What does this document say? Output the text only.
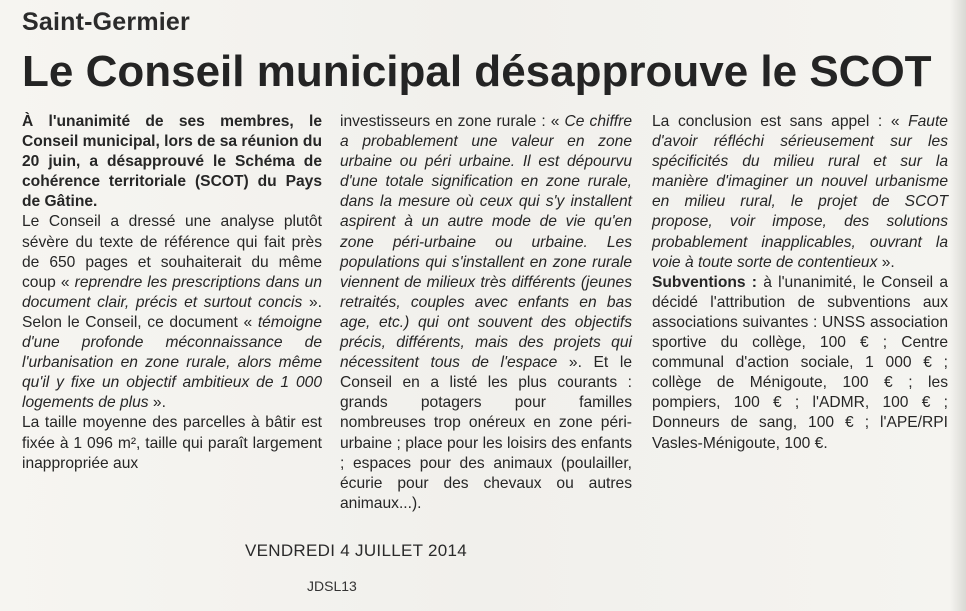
Saint-Germier
Le Conseil municipal désapprouve le SCOT

À l'unanimité de ses membres, le Conseil municipal, lors de sa réunion du 20 juin, a désapprouvé le Schéma de cohérence territoriale (SCOT) du Pays de Gâtine.

Le Conseil a dressé une analyse plutôt sévère du texte de référence qui fait près de 650 pages et souhaiterait du même coup « reprendre les prescriptions dans un document clair, précis et surtout concis ». Selon le Conseil, ce document « témoigne d'une profonde méconnaissance de l'urbanisation en zone rurale, alors même qu'il y fixe un objectif ambitieux de 1 000 logements de plus ».

La taille moyenne des parcelles à bâtir est fixée à 1 096 m², taille qui paraît largement inappropriée aux

investisseurs en zone rurale : « Ce chiffre a probablement une valeur en zone urbaine ou péri urbaine. Il est dépourvu d'une totale signification en zone rurale, dans la mesure où ceux qui s'y installent aspirent à un autre mode de vie qu'en zone péri-urbaine ou urbaine. Les populations qui s'installent en zone rurale viennent de milieux très différents (jeunes retraités, couples avec enfants en bas age, etc.) qui ont souvent des objectifs précis, différents, mais des projets qui nécessitent tous de l'espace ». Et le Conseil en a listé les plus courants : grands potagers pour familles nombreuses trop onéreux en zone péri-urbaine ; place pour les loisirs des enfants ; espaces pour des animaux (poulailler, écurie pour des chevaux ou autres animaux...).

La conclusion est sans appel : « Faute d'avoir réfléchi sérieusement sur les spécificités du milieu rural et sur la manière d'imaginer un nouvel urbanisme en milieu rural, le projet de SCOT propose, voir impose, des solutions probablement inapplicables, ouvrant la voie à toute sorte de contentieux ».

Subventions : à l'unanimité, le Conseil a décidé l'attribution de subventions aux associations suivantes : UNSS association sportive du collège, 100 € ; Centre communal d'action sociale, 1 000 € ; collège de Ménigoute, 100 € ; les pompiers, 100 € ; l'ADMR, 100 € ; Donneurs de sang, 100 € ; l'APE/RPI Vasles-Ménigoute, 100 €.

VENDREDI 4 JUILLET 2014
JDSL13
